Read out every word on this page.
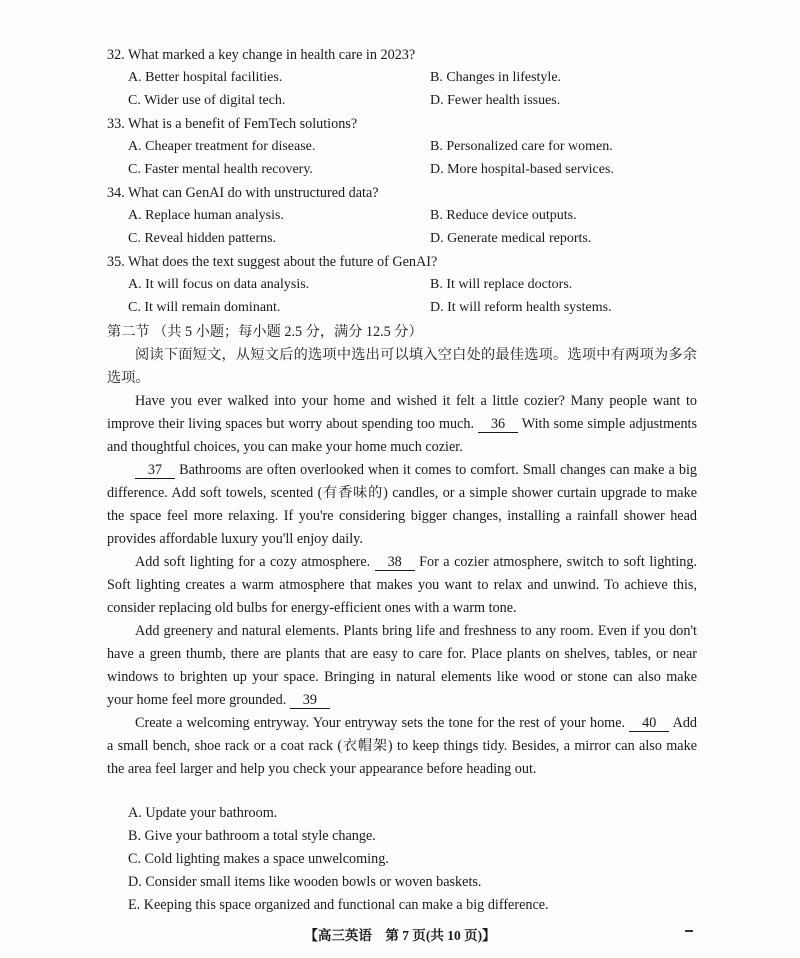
32. What marked a key change in health care in 2023?
A. Better hospital facilities.	B. Changes in lifestyle.
C. Wider use of digital tech.	D. Fewer health issues.
33. What is a benefit of FemTech solutions?
A. Cheaper treatment for disease.	B. Personalized care for women.
C. Faster mental health recovery.	D. More hospital-based services.
34. What can GenAI do with unstructured data?
A. Replace human analysis.	B. Reduce device outputs.
C. Reveal hidden patterns.	D. Generate medical reports.
35. What does the text suggest about the future of GenAI?
A. It will focus on data analysis.	B. It will replace doctors.
C. It will remain dominant.	D. It will reform health systems.
第二节 （共 5 小题；每小题 2.5 分，满分 12.5 分）
阅读下面短文，从短文后的选项中选出可以填入空白处的最佳选项。选项中有两项为多余选项。
Have you ever walked into your home and wished it felt a little cozier? Many people want to improve their living spaces but worry about spending too much. 36 With some simple adjustments and thoughtful choices, you can make your home much cozier.
37 Bathrooms are often overlooked when it comes to comfort. Small changes can make a big difference. Add soft towels, scented (有香味的) candles, or a simple shower curtain upgrade to make the space feel more relaxing. If you're considering bigger changes, installing a rainfall shower head provides affordable luxury you'll enjoy daily.
Add soft lighting for a cozy atmosphere. 38 For a cozier atmosphere, switch to soft lighting. Soft lighting creates a warm atmosphere that makes you want to relax and unwind. To achieve this, consider replacing old bulbs for energy-efficient ones with a warm tone.
Add greenery and natural elements. Plants bring life and freshness to any room. Even if you don't have a green thumb, there are plants that are easy to care for. Place plants on shelves, tables, or near windows to brighten up your space. Bringing in natural elements like wood or stone can also make your home feel more grounded. 39
Create a welcoming entryway. Your entryway sets the tone for the rest of your home. 40 Add a small bench, shoe rack or a coat rack (衣帽架) to keep things tidy. Besides, a mirror can also make the area feel larger and help you check your appearance before heading out.
A. Update your bathroom.
B. Give your bathroom a total style change.
C. Cold lighting makes a space unwelcoming.
D. Consider small items like wooden bowls or woven baskets.
E. Keeping this space organized and functional can make a big difference.
【高三英语　第 7 页(共 10 页)】
